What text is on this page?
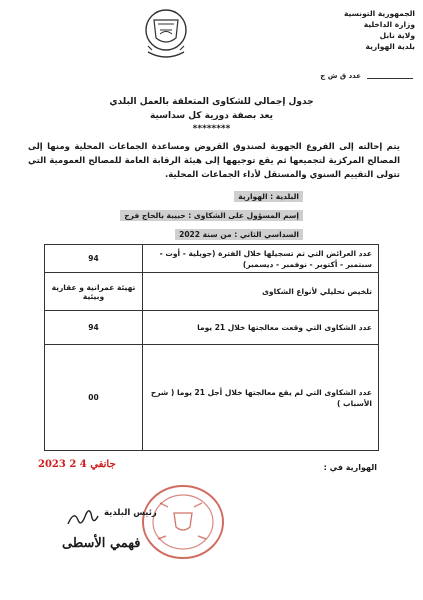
الجمهورية التونسية
وزارة الداخلية
ولاية نابل
بلدية الهوارية
عدد ق ش ج
جدول إجمالي للشكاوى المتعلقة بالعمل البلدي
يعد بصفة دورية كل سداسية
********
يتم إحالته إلى الفروع الجهوية لصندوق القروض ومساعدة الجماعات المحلية ومنها إلى المصالح المركزية لتجميعها ثم يقع توجيهها إلى هيئة الرقابة العامة للمصالح العمومية التي تتولى التقييم السنوي والمستقل لأداء الجماعات المحلية.
البلدية : الهوارية
إسم المسؤول على الشكاوى : حبيبة بالحاج فرج
السداسي الثاني : من سنة 2022
94	عدد العرائض التي تم تسجيلها خلال الفترة (جويلية - أوت - سبتمبر - أكتوبر - نوفمبر - ديسمبر)
تهيئة عمرانية و عقارية وبيئية	تلخيص تحليلي لأنواع الشكاوى
94	عدد الشكاوى التي وقعت معالجتها خلال 21 يوما
00	عدد الشكاوى التي لم يقع معالجتها خلال أجل 21 يوما ( شرح الأسباب )
الهوارية في :
2023 جانفي 4 2
رئيس البلدية
فهمي الأسطى
